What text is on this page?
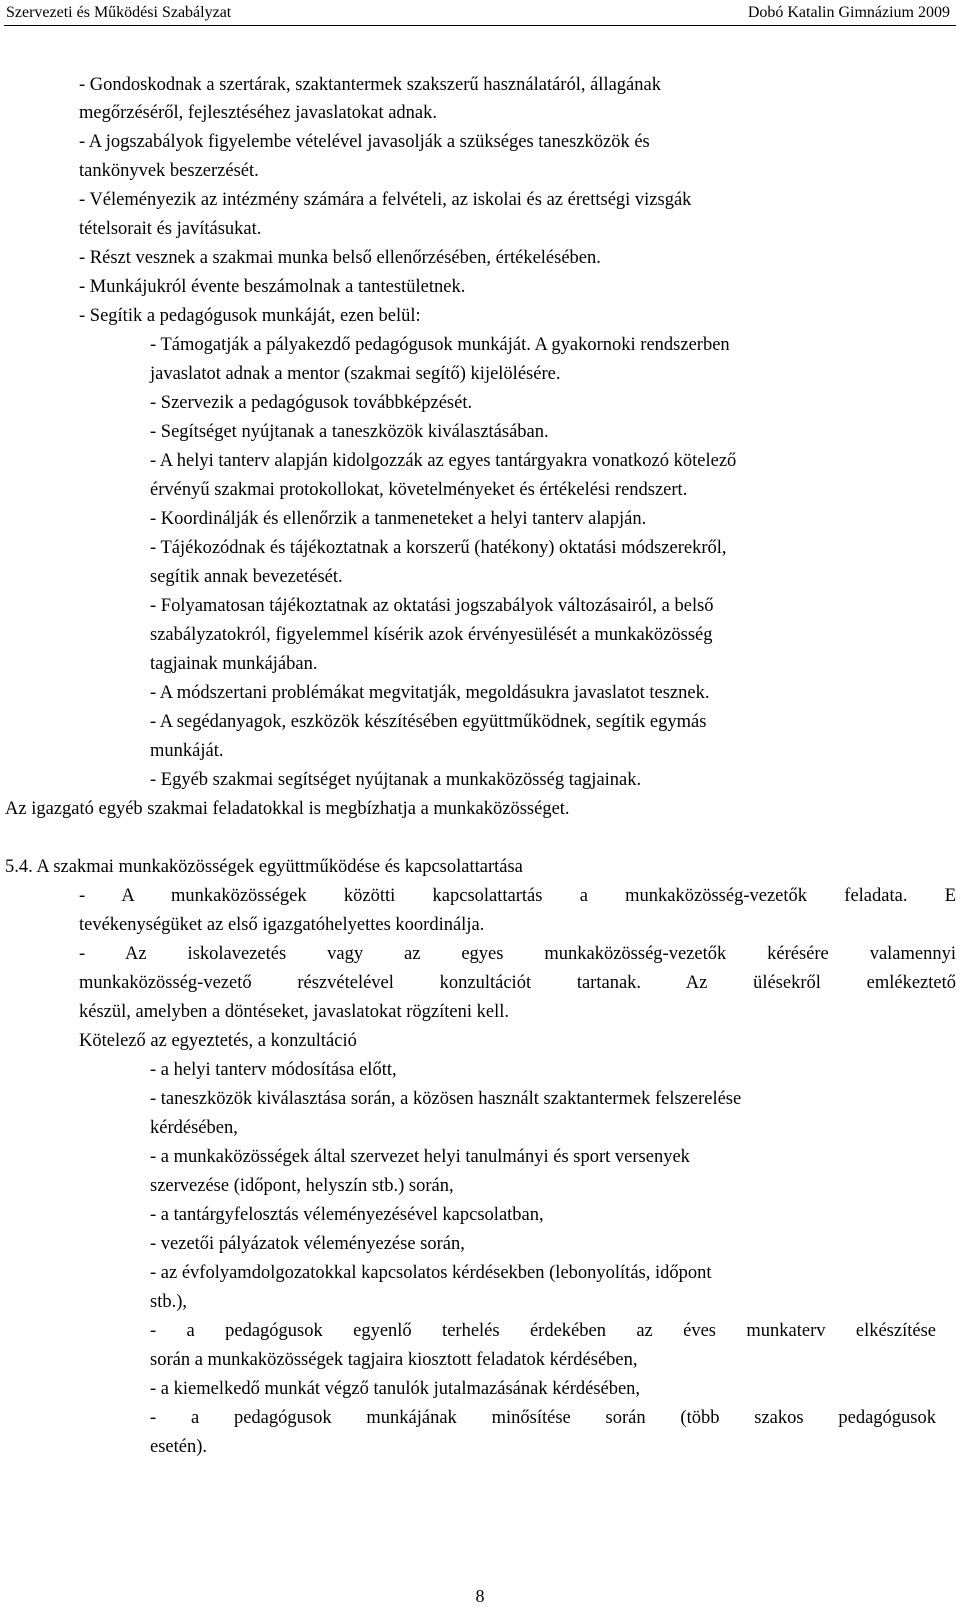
Szervezeti és Működési Szabályzat	Dobó Katalin Gimnázium 2009
- Gondoskodnak a szertárak, szaktantermek szakszerű használatáról, állagának
megőrzéséről, fejlesztéséhez javaslatokat adnak.
- A jogszabályok figyelembe vételével javasolják a szükséges taneszközök és
tankönyvek beszerzését.
- Véleményezik az intézmény számára a felvételi, az iskolai és az érettségi vizsgák
tételsorait és javításukat.
- Részt vesznek a szakmai munka belső ellenőrzésében, értékelésében.
- Munkájukról évente beszámolnak a tantestületnek.
- Segítik a pedagógusok munkáját, ezen belül:
- Támogatják a pályakezdő pedagógusok munkáját. A gyakornoki rendszerben
javaslatot adnak a mentor (szakmai segítő) kijelölésére.
- Szervezik a pedagógusok továbbképzését.
- Segítséget nyújtanak a taneszközök kiválasztásában.
- A helyi tanterv alapján kidolgozzák az egyes tantárgyakra vonatkozó kötelező
érvényű szakmai protokollokat, követelményeket és értékelési rendszert.
- Koordinálják és ellenőrzik a tanmeneteket a helyi tanterv alapján.
- Tájékozódnak és tájékoztatnak a korszerű (hatékony) oktatási módszerekről,
segítik annak bevezetését.
- Folyamatosan tájékoztatnak az oktatási jogszabályok változásairól, a belső
szabályzatokról, figyelemmel kísérik azok érvényesülését a munkaközösség
tagjainak munkájában.
- A módszertani problémákat megvitatják, megoldásukra javaslatot tesznek.
- A segédanyagok, eszközök készítésében együttműködnek, segítik egymás
munkáját.
- Egyéb szakmai segítséget nyújtanak a munkaközösség tagjainak.
Az igazgató egyéb szakmai feladatokkal is megbízhatja a munkaközösséget.
5.4. A szakmai munkaközösségek együttműködése és kapcsolattartása
- A munkaközösségek közötti kapcsolattartás a munkaközösség-vezetők feladata. E
tevékenységüket az első igazgatóhelyettes koordinálja.
- Az iskolavezetés vagy az egyes munkaközösség-vezetők kérésére valamennyi
munkaközösség-vezető részvételével konzultációt tartanak. Az ülésekről emlékeztető
készül, amelyben a döntéseket, javaslatokat rögzíteni kell.
Kötelező az egyeztetés, a konzultáció
- a helyi tanterv módosítása előtt,
- taneszközök kiválasztása során, a közösen használt szaktantermek felszerelése
kérdésében,
- a munkaközösségek által szervezet helyi tanulmányi és sport versenyek
szervezése (időpont, helyszín stb.) során,
- a tantárgyfelosztás véleményezésével kapcsolatban,
- vezetői pályázatok véleményezése során,
- az évfolyamdolgozatokkal kapcsolatos kérdésekben (lebonyolítás, időpont
stb.),
- a pedagógusok egyenlő terhelés érdekében az éves munkaterv elkészítése
során a munkaközösségek tagjaira kiosztott feladatok kérdésében,
- a kiemelkedő munkát végző tanulók jutalmazásának kérdésében,
- a pedagógusok munkájának minősítése során (több szakos pedagógusok
esetén).
8
